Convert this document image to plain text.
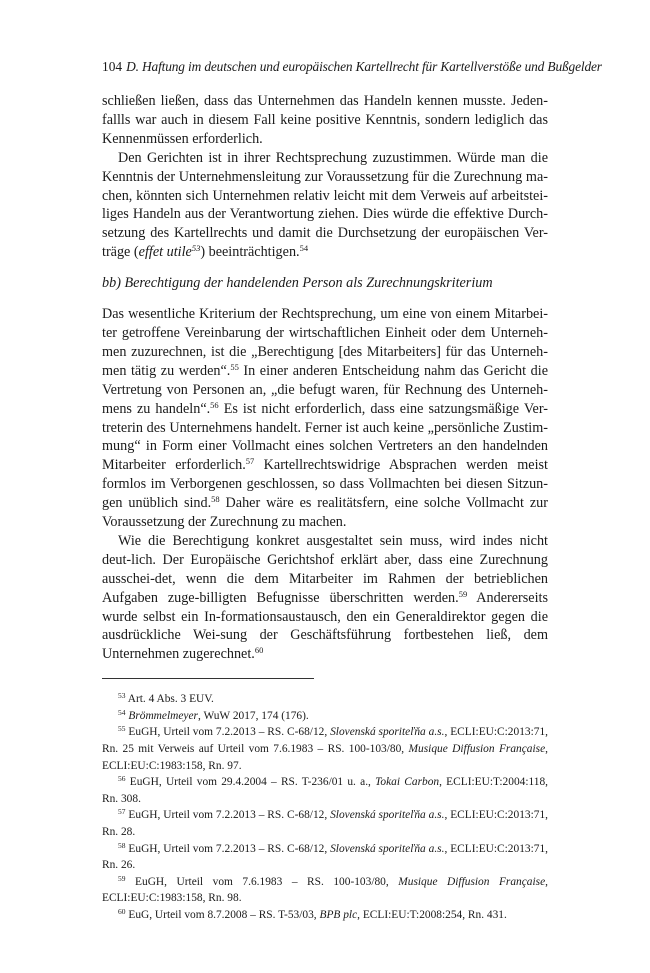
104 D. Haftung im deutschen und europäischen Kartellrecht für Kartellverstöße und Bußgelder

schließen ließen, dass das Unternehmen das Handeln kennen musste. Jeden-fallls war auch in diesem Fall keine positive Kenntnis, sondern lediglich das Kennenmüssen erforderlich.

Den Gerichten ist in ihrer Rechtsprechung zuzustimmen. Würde man die Kenntnis der Unternehmensleitung zur Voraussetzung für die Zurechnung ma-chen, könnten sich Unternehmen relativ leicht mit dem Verweis auf arbeitstei-liges Handeln aus der Verantwortung ziehen. Dies würde die effektive Durch-setzung des Kartellrechts und damit die Durchsetzung der europäischen Ver-träge (effet utile$^{53}$) beeinträchtigen.$^{54}$

bb) Berechtigung der handelenden Person als Zurechnungskriterium

Das wesentliche Kriterium der Rechtsprechung, um eine von einem Mitarbei-ter getroffene Vereinbarung der wirtschaftlichen Einheit oder dem Unterneh-men zuzurechnen, ist die „Berechtigung [des Mitarbeiters] für das Unterneh-men tätig zu werden“.$^{55}$ In einer anderen Entscheidung nahm das Gericht die Vertretung von Personen an, „die befugt waren, für Rechnung des Unterneh-mens zu handeln“.$^{56}$ Es ist nicht erforderlich, dass eine satzungsmäßige Ver-treterin des Unternehmens handelt. Ferner ist auch keine „persönliche Zustim-mung“ in Form einer Vollmacht eines solchen Vertreters an den handelnden Mitarbeiter erforderlich.$^{57}$ Kartellrechtswidrige Absprachen werden meist formlos im Verborgenen geschlossen, so dass Vollmachten bei diesen Sitzun-gen unüblich sind.$^{58}$ Daher wäre es realitätsfern, eine solche Vollmacht zur Voraussetzung der Zurechnung zu machen.

Wie die Berechtigung konkret ausgestaltet sein muss, wird indes nicht deut-lich. Der Europäische Gerichtshof erklärt aber, dass eine Zurechnung ausschei-det, wenn die dem Mitarbeiter im Rahmen der betrieblichen Aufgaben zuge-billigten Befugnisse überschritten werden.$^{59}$ Andererseits wurde selbst ein In-formationsaustausch, den ein Generaldirektor gegen die ausdrückliche Wei-sung der Geschäftsführung fortbestehen ließ, dem Unternehmen zugerechnet.$^{60}$

$^{53}$ Art. 4 Abs. 3 EUV.

$^{54}$ Brömmelmeyer, WuW 2017, 174 (176).

$^{55}$ EuGH, Urteil vom 7.2.2013 – RS. C-68/12, Slovenská sporiteľňa a.s., ECLI:EU:C:2013:71, Rn. 25 mit Verweis auf Urteil vom 7.6.1983 – RS. 100-103/80, Musique Diffusion Française, ECLI:EU:C:1983:158, Rn. 97.

$^{56}$ EuGH, Urteil vom 29.4.2004 – RS. T-236/01 u. a., Tokai Carbon, ECLI:EU:T:2004:118, Rn. 308.

$^{57}$ EuGH, Urteil vom 7.2.2013 – RS. C-68/12, Slovenská sporiteľňa a.s., ECLI:EU:C:2013:71, Rn. 28.

$^{58}$ EuGH, Urteil vom 7.2.2013 – RS. C-68/12, Slovenská sporiteľňa a.s., ECLI:EU:C:2013:71, Rn. 26.

$^{59}$ EuGH, Urteil vom 7.6.1983 – RS. 100-103/80, Musique Diffusion Française, ECLI:EU:C:1983:158, Rn. 98.

$^{60}$ EuG, Urteil vom 8.7.2008 – RS. T-53/03, BPB plc, ECLI:EU:T:2008:254, Rn. 431.
